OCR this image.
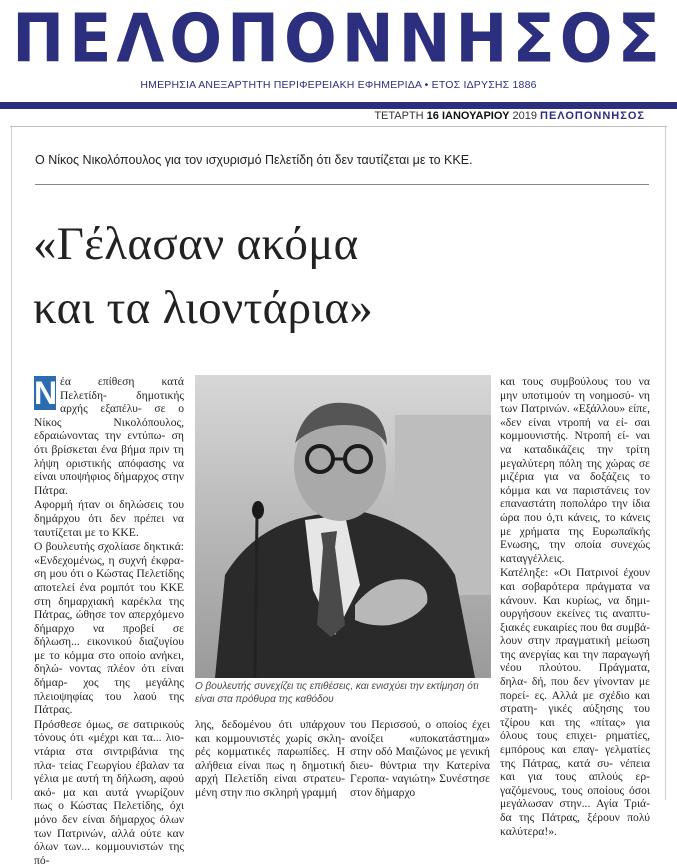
ΠΕΛΟΠΟΝΝΗΣΟΣ
ΗΜΕΡΗΣΙΑ ΑΝΕΞΑΡΤΗΤΗ ΠΕΡΙΦΕΡΕΙΑΚΗ ΕΦΗΜΕΡΙΔΑ • ΕΤΟΣ ΙΔΡΥΣΗΣ 1886
ΤΕΤΑΡΤΗ 16 ΙΑΝΟΥΑΡΙΟΥ 2019 ΠΕΛΟΠΟΝΝΗΣΟΣ
Ο Νίκος Νικολόπουλος για τον ισχυρισμό Πελετίδη ότι δεν ταυτίζεται με το ΚΚΕ.
«Γέλασαν ακόμα
και τα λιοντάρια»

Ν έα επίθεση κατά Πελετίδη- δημοτικής αρχής εξαπέλυ- σε ο Νίκος Νικολόπουλος, εδραιώνοντας την εντύπω- ση ότι βρίσκεται ένα βήμα πριν τη λήψη οριστικής απόφασης να είναι υποψήφιος δήμαρχος στην Πάτρα.

Αφορμή ήταν οι δηλώσεις του δημάρχου ότι δεν πρέπει να ταυτίζεται με το ΚΚΕ.

Ο βουλευτής σχολίασε δηκτικά: «Ενδεχομένως, η συχνή έκφρα- ση μου ότι ο Κώστας Πελετίδης αποτελεί ένα ρομπότ του ΚΚΕ στη δημαρχιακή καρέκλα της Πάτρας, ώθησε τον απερχόμενο δήμαρχο να προβεί σε δήλωση... εικονικού διαζυγίου με το κόμμα στο οποίο ανήκει, δηλώ- νοντας πλέον ότι είναι δήμαρ- χος της μεγάλης πλειοψηφίας του λαού της Πάτρας.

Πρόσθεσε όμως, σε σατιρικούς τόνους ότι «μέχρι και τα... λιο- ντάρια στα σιντριβάνια της πλα- τείας Γεωργίου έβαλαν τα γέλια με αυτή τη δήλωση, αφού ακό- μα και αυτά γνωρίζουν πως ο Κώστας Πελετίδης, όχι μόνο δεν είναι δήμαρχος όλων των Πατρινών, αλλά ούτε καν όλων των... κομμουνιστών της πό-

Ο βουλευτής συνεχίζει τις επιθέσεις, και ενισχύει την εκτίμηση ότι είναι στα πρόθυρα της καθόδου

λης, δεδομένου ότι υπάρχουν και κομμουνιστές χωρίς σκλη- ρές κομματικές παρωπίδες. Η αλήθεια είναι πως η δημοτική αρχή Πελετίδη είναι στρατευ- μένη στην πιο σκληρή γραμμή

του Περισσού, ο οποίος έχει ανοίξει «υποκατάστημα» στην οδό Μαιζώνος με γενική διευ- θύντρια την Κατερίνα Γεροπα- ναγιώτη» Συνέστησε στον δήμαρχο

και τους συμβούλους του να μην υποτιμούν τη νοημοσύ- νη των Πατρινών. «Εξάλλου» είπε, «δεν είναι ντροπή να εί- σαι κομμουνιστής. Ντροπή εί- ναι να καταδικάζεις την τρίτη μεγαλύτερη πόλη της χώρας σε μιζέρια για να δοξάζεις το κόμμα και να παριστάνεις τον επαναστάτη ποπολάρο την ίδια ώρα που ό,τι κάνεις, το κάνεις με χρήματα της Ευρωπαϊκής Ενωσης, την οποία συνεχώς καταγγέλλεις.

Κατέληξε: «Οι Πατρινοί έχουν και σοβαρότερα πράγματα να κάνουν. Και κυρίως, να δημι- ουργήσουν εκείνες τις αναπτυ- ξιακές ευκαιρίες που θα συμβά- λουν στην πραγματική μείωση της ανεργίας και την παραγωγή νέου πλούτου. Πράγματα, δηλα- δή, που δεν γίνονταν με πορεί- ες. Αλλά με σχέδιο και στρατη- γικές αύξησης του τζίρου και της «πίτας» για όλους τους επιχει- ρηματίες, εμπόρους και επαγ- γελματίες της Πάτρας, κατά συ- νέπεια και για τους απλούς ερ- γαζόμενους, τους οποίους όσοι μεγάλωσαν στην... Αγία Τριά- δα της Πάτρας, ξέρουν πολύ καλύτερα!».
